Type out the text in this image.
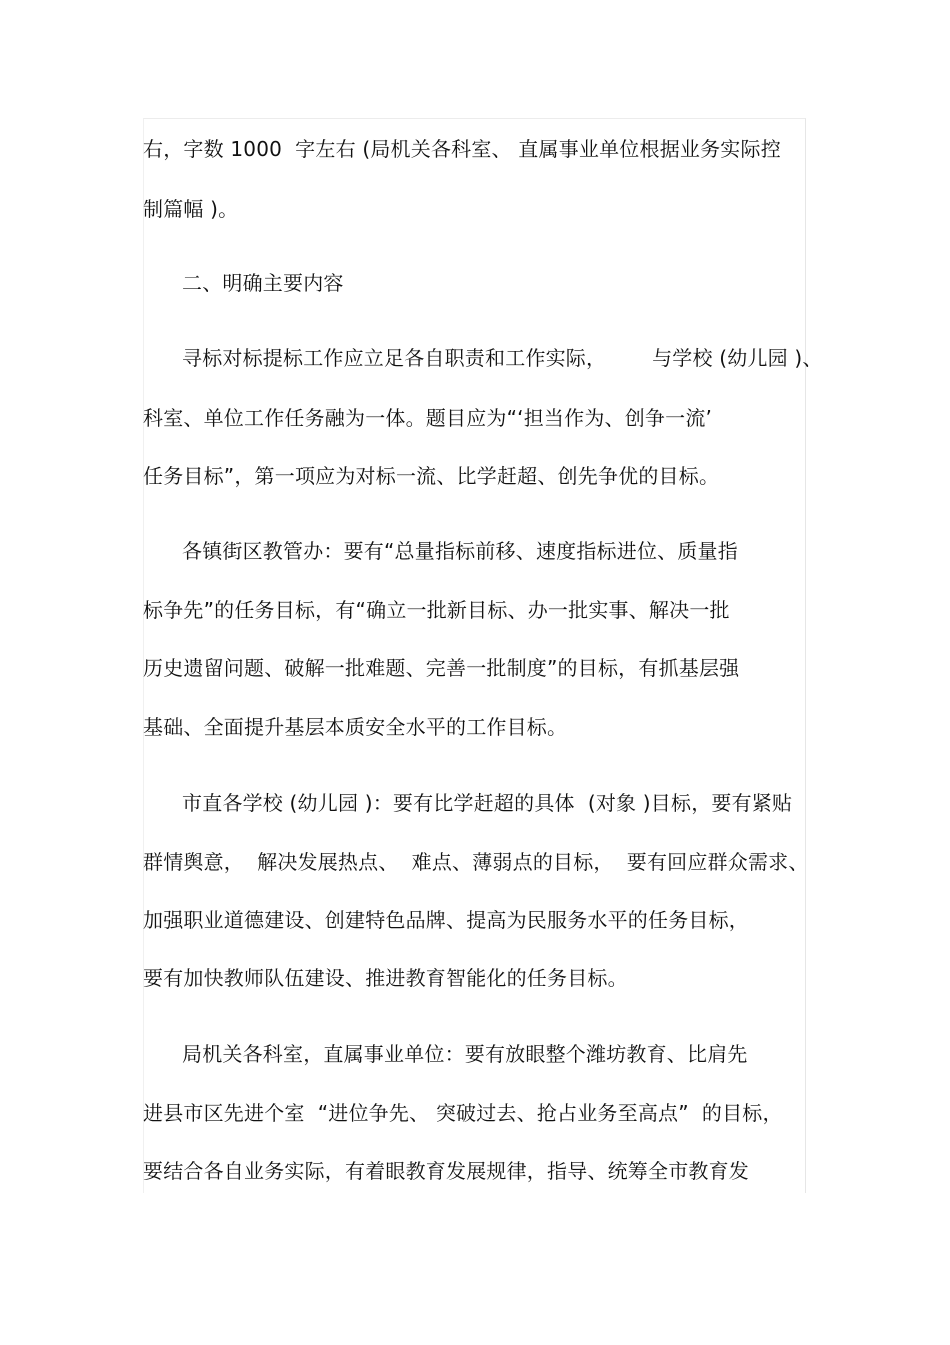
右，字数 1000  字左右 (局机关各科室、 直属事业单位根据业务实际控
制篇幅 )。
二、明确主要内容
寻标对标提标工作应立足各自职责和工作实际，       与学校 (幼儿园 )、
科室、单位工作任务融为一体。题目应为“‘担当作为、创争一流’
任务目标”，第一项应为对标一流、比学赶超、创先争优的目标。
各镇街区教管办：要有“总量指标前移、速度指标进位、质量指
标争先”的任务目标，有“确立一批新目标、办一批实事、解决一批
历史遗留问题、破解一批难题、完善一批制度”的目标，有抓基层强
基础、全面提升基层本质安全水平的工作目标。
市直各学校 (幼儿园 )：要有比学赶超的具体  (对象 )目标，要有紧贴
群情舆意，  解决发展热点、  难点、薄弱点的目标，  要有回应群众需求、
加强职业道德建设、创建特色品牌、提高为民服务水平的任务目标，
要有加快教师队伍建设、推进教育智能化的任务目标。
局机关各科室，直属事业单位：要有放眼整个潍坊教育、比肩先
进县市区先进个室  “进位争先、 突破过去、抢占业务至高点”  的目标，
要结合各自业务实际，有着眼教育发展规律，指导、统筹全市教育发
